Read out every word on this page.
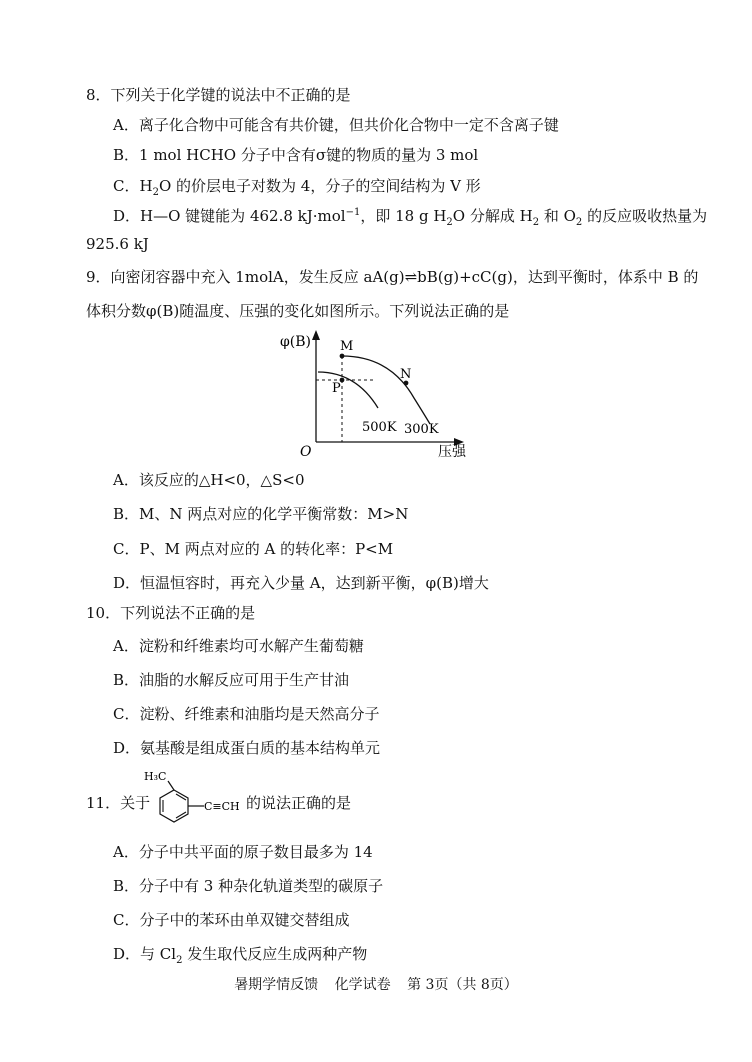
8．下列关于化学键的说法中不正确的是
A．离子化合物中可能含有共价键，但共价化合物中一定不含离子键
B．1 mol HCHO 分子中含有σ键的物质的量为 3 mol
C．$H_2O$ 的价层电子对数为 4，分子的空间结构为 V 形
D．H—O 键键能为 462.8 kJ·mol$^{-1}$，即 18 g $H_2O$ 分解成 $H_2$ 和 $O_2$ 的反应吸收热量为
925.6 kJ
9．向密闭容器中充入 1molA，发生反应 aA(g)⇌bB(g)+cC(g)，达到平衡时，体系中 B 的
体积分数φ(B)随温度、压强的变化如图所示。下列说法正确的是
φ(B)
压强
O
M
P
N
500K 300K
A．该反应的△H<0，△S<0
B．M、N 两点对应的化学平衡常数：M>N
C．P、M 两点对应的 A 的转化率：P<M
D．恒温恒容时，再充入少量 A，达到新平衡，φ(B)增大
10．下列说法不正确的是
A．淀粉和纤维素均可水解产生葡萄糖
B．油脂的水解反应可用于生产甘油
C．淀粉、纤维素和油脂均是天然高分子
D．氨基酸是组成蛋白质的基本结构单元
11．关于
H₃C
C≡CH 的说法正确的是
A．分子中共平面的原子数目最多为 14
B．分子中有 3 种杂化轨道类型的碳原子
C．分子中的苯环由单双键交替组成
D．与 $Cl_2$ 发生取代反应生成两种产物
暑期学情反馈 化学试卷 第 3页（共 8页）
